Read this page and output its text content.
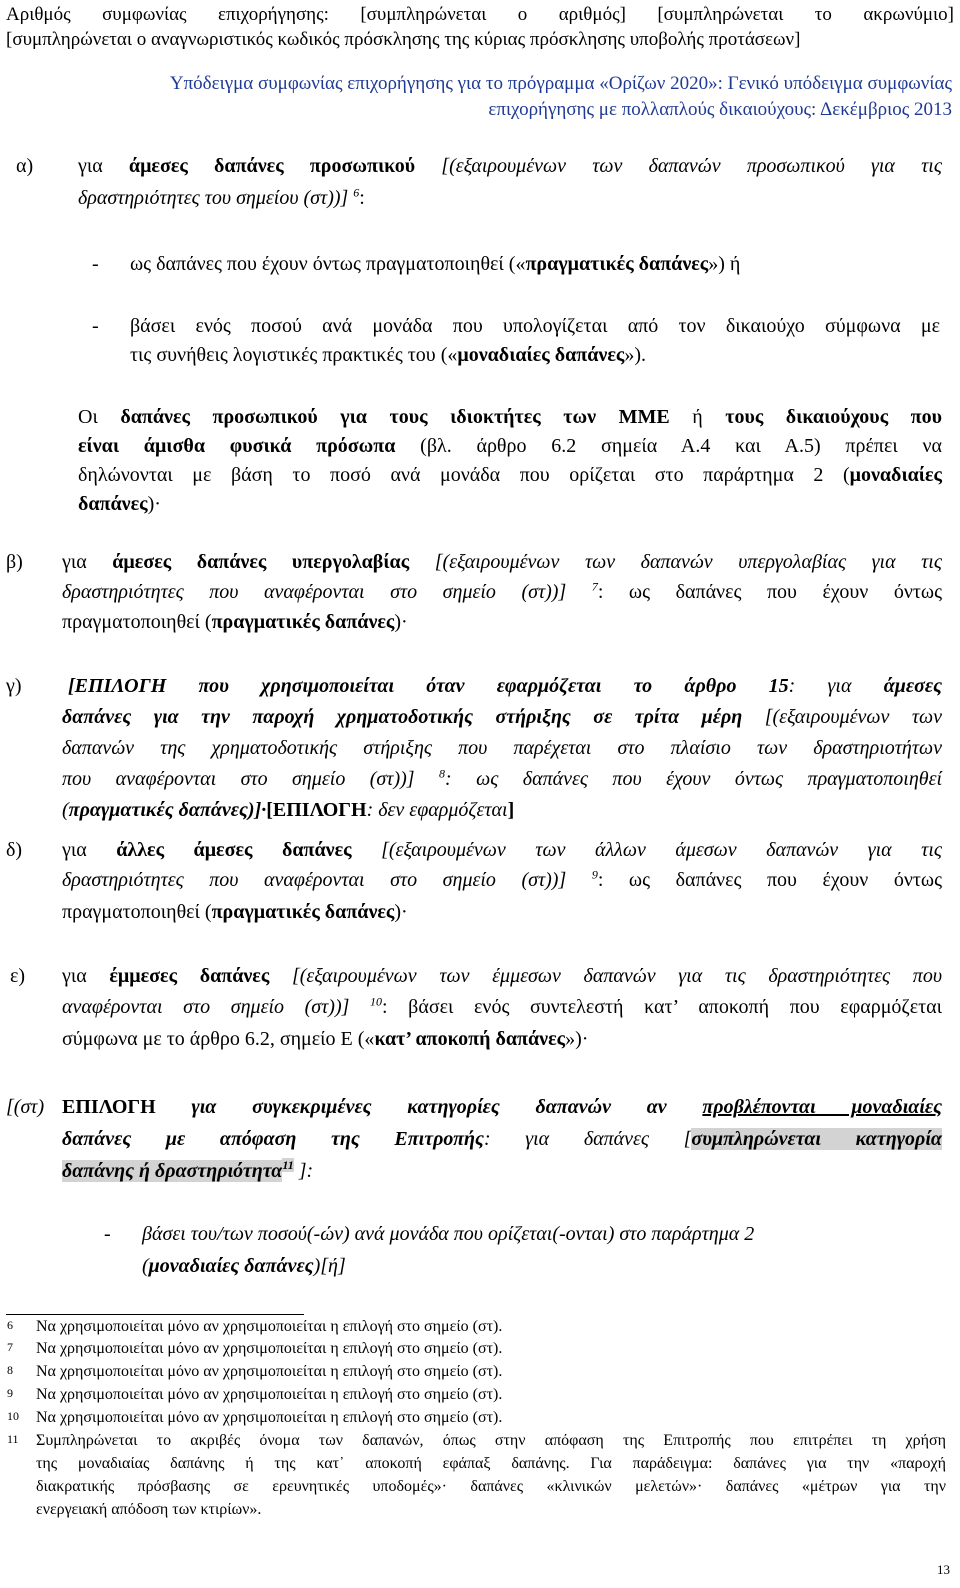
Αριθμός συμφωνίας επιχορήγησης: [συμπληρώνεται ο αριθμός] [συμπληρώνεται το ακρωνύμιο]
[συμπληρώνεται ο αναγνωριστικός κωδικός πρόσκλησης της κύριας πρόσκλησης υποβολής προτάσεων]
Υπόδειγμα συμφωνίας επιχορήγησης για το πρόγραμμα «Ορίζων 2020»: Γενικό υπόδειγμα συμφωνίας
επιχορήγησης με πολλαπλούς δικαιούχους: Δεκέμβριος 2013
α) για άμεσες δαπάνες προσωπικού [(εξαιρουμένων των δαπανών προσωπικού για τις
δραστηριότητες του σημείου (στ))] $^6$:
- ως δαπάνες που έχουν όντως πραγματοποιηθεί («πραγματικές δαπάνες») ή
- βάσει ενός ποσού ανά μονάδα που υπολογίζεται από τον δικαιούχο σύμφωνα με
τις συνήθεις λογιστικές πρακτικές του («μοναδιαίες δαπάνες»).
Οι δαπάνες προσωπικού για τους ιδιοκτήτες των ΜΜΕ ή τους δικαιούχους που
είναι άμισθα φυσικά πρόσωπα (βλ. άρθρο 6.2 σημεία Α.4 και Α.5) πρέπει να
δηλώνονται με βάση το ποσό ανά μονάδα που ορίζεται στο παράρτημα 2 (μοναδιαίες
δαπάνες)·
β) για άμεσες δαπάνες υπεργολαβίας [(εξαιρουμένων των δαπανών υπεργολαβίας για τις
δραστηριότητες που αναφέρονται στο σημείο (στ))] $^7$: ως δαπάνες που έχουν όντως
πραγματοποιηθεί (πραγματικές δαπάνες)·
γ) [ΕΠΙΛΟΓΗ που χρησιμοποιείται όταν εφαρμόζεται το άρθρο 15: για άμεσες
δαπάνες για την παροχή χρηματοδοτικής στήριξης σε τρίτα μέρη [(εξαιρουμένων των
δαπανών της χρηματοδοτικής στήριξης που παρέχεται στο πλαίσιο των δραστηριοτήτων
που αναφέρονται στο σημείο (στ))] $^8$: ως δαπάνες που έχουν όντως πραγματοποιηθεί
(πραγματικές δαπάνες)]·[ΕΠΙΛΟΓΗ: δεν εφαρμόζεται]
δ) για άλλες άμεσες δαπάνες [(εξαιρουμένων των άλλων άμεσων δαπανών για τις
δραστηριότητες που αναφέρονται στο σημείο (στ))] $^9$: ως δαπάνες που έχουν όντως
πραγματοποιηθεί (πραγματικές δαπάνες)·
ε) για έμμεσες δαπάνες [(εξαιρουμένων των έμμεσων δαπανών για τις δραστηριότητες που
αναφέρονται στο σημείο (στ))] $^{10}$: βάσει ενός συντελεστή κατ’ αποκοπή που εφαρμόζεται
σύμφωνα με το άρθρο 6.2, σημείο Ε («κατ’ αποκοπή δαπάνες»)·
[(στ) ΕΠΙΛΟΓΗ για συγκεκριμένες κατηγορίες δαπανών αν προβλέπονται μοναδιαίες
δαπάνες με απόφαση της Επιτροπής: για δαπάνες [συμπληρώνεται κατηγορία
δαπάνης ή δραστηριότητα$^{11}$ ]:
- βάσει του/των ποσού(-ών) ανά μονάδα που ορίζεται(-ονται) στο παράρτημα 2
(μοναδιαίες δαπάνες)[ή]
6 Να χρησιμοποιείται μόνο αν χρησιμοποιείται η επιλογή στο σημείο (στ).
7 Να χρησιμοποιείται μόνο αν χρησιμοποιείται η επιλογή στο σημείο (στ).
8 Να χρησιμοποιείται μόνο αν χρησιμοποιείται η επιλογή στο σημείο (στ).
9 Να χρησιμοποιείται μόνο αν χρησιμοποιείται η επιλογή στο σημείο (στ).
10 Να χρησιμοποιείται μόνο αν χρησιμοποιείται η επιλογή στο σημείο (στ).
11 Συμπληρώνεται το ακριβές όνομα των δαπανών, όπως στην απόφαση της Επιτροπής που επιτρέπει τη χρήση
της μοναδιαίας δαπάνης ή της κατ᾽ αποκοπή εφάπαξ δαπάνης. Για παράδειγμα: δαπάνες για την «παροχή
διακρατικής πρόσβασης σε ερευνητικές υποδομές»· δαπάνες «κλινικών μελετών»· δαπάνες «μέτρων για την
ενεργειακή απόδοση των κτιρίων».
13
